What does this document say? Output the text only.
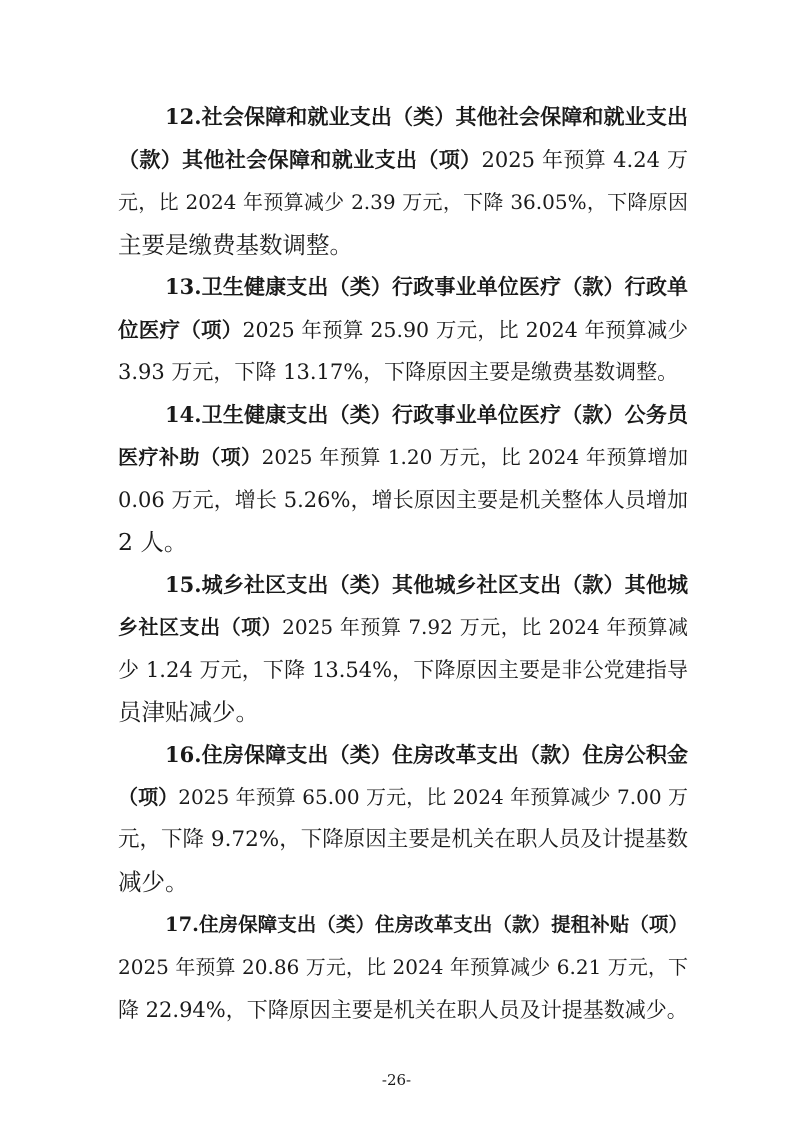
12.社会保障和就业支出（类）其他社会保障和就业支出
（款）其他社会保障和就业支出（项）2025 年预算 4.24 万
元，比 2024 年预算减少 2.39 万元，下降 36.05%，下降原因
主要是缴费基数调整。
13.卫生健康支出（类）行政事业单位医疗（款）行政单
位医疗（项）2025 年预算 25.90 万元，比 2024 年预算减少
3.93 万元，下降 13.17%，下降原因主要是缴费基数调整。
14.卫生健康支出（类）行政事业单位医疗（款）公务员
医疗补助（项）2025 年预算 1.20 万元，比 2024 年预算增加
0.06 万元，增长 5.26%，增长原因主要是机关整体人员增加
2 人。
15.城乡社区支出（类）其他城乡社区支出（款）其他城
乡社区支出（项）2025 年预算 7.92 万元，比 2024 年预算减
少 1.24 万元，下降 13.54%，下降原因主要是非公党建指导
员津贴减少。
16.住房保障支出（类）住房改革支出（款）住房公积金
（项）2025 年预算 65.00 万元，比 2024 年预算减少 7.00 万
元，下降 9.72%，下降原因主要是机关在职人员及计提基数
减少。
17.住房保障支出（类）住房改革支出（款）提租补贴（项）
2025 年预算 20.86 万元，比 2024 年预算减少 6.21 万元，下
降 22.94%，下降原因主要是机关在职人员及计提基数减少。
-26-
